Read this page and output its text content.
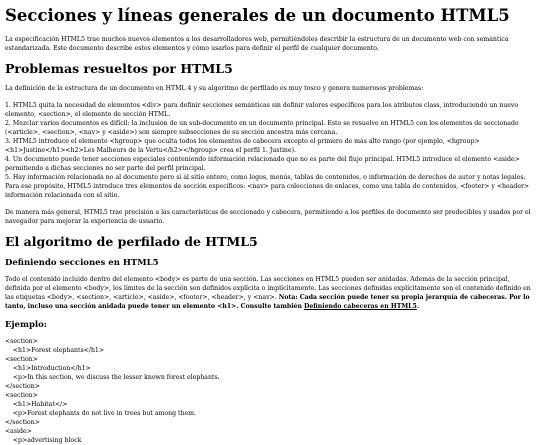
Secciones y líneas generales de un documento HTML5

La especificación HTML5 trae muchos nuevos elementos a los desarrolladores web, permitiéndoles describir la estructura de un documento web con semántica estandarizada. Este documento describe estos elementos y cómo usarlos para definir el perfil de cualquier documento.

Problemas resueltos por HTML5

La definición de la estructura de un documento en HTML 4 y su algoritmo de perfilado es muy tosco y genera numerosos problemas:

1. HTML5 quita la necesidad de elementos <div> para definir secciones semánticas sin definir valores específicos para los atributos class, introduciendo un nuevo elemento, <section>, el elemento de sección HTML.
2. Mezclar varios documentos es difícil: la inclusión de un sub-documento en un documento principal. Esto se resuelve en HTML5 con los elementos de seccionado (<article>, <section>, <nav> y <aside>) son siempre subsecciones de su sección ancestra más cercana.
3. HTML5 introduce el elemento <hgroup> que oculta todos los elementos de cabecera excepto el primero de más alto rango (por ejemplo, <hgroup><h1>Justine</h1><h2>Les Malheurs de la Vertu</h2></hgroup> crea el perfil 1. Justine).
4. Un documento puede tener secciones especiales conteniendo información relacionado que no es parte del flujo principal. HTML5 introduce el elemento <aside> permitiendo a dichas secciones no ser parte del perfil principal.
5. Hay información relacionada no al documento pero sí al sitio entero, como logos, menús, tablas de contenidos, o información de derechos de autor y notas legales. Para ese propósito, HTML5 introduce tres elementos de sección específicos: <nav> para colecciones de enlaces, como una tabla de contenidos, <footer> y <header> información relacionada con el sitio.

De manera más general, HTML5 trae precisión a las características de seccionado y cabecera, permitiendo a los perfiles de documento ser predecibles y usados por el navegador para mejorar la experiencia de usuario.

El algoritmo de perfilado de HTML5
Definiendo secciones en HTML5

Todo el contenido incluido dentro del elemento <body> es parte de una sección. Las secciones en HTML5 pueden ser anidadas. Además de la sección principal, definida por el elemento <body>, los límites de la sección son definidos explícita o implícitamente. Las secciones definidas explícitamente son el contenido definido en las etiquetas <body>, <section>, <article>, <aside>, <footer>, <header>, y <nav>. Nota: Cada sección puede tener su propia jerarquía de cabeceras. Por lo tanto, incluso una sección anidada puede tener un elemento <h1>. Consulte también Definiendo cabeceras en HTML5.

Ejemplo:
<section>
<h1>Forest elephants</h1>
<section>
<h1>Introduction</h1>
<p>In this section, we discuss the lesser known forest elephants.
</section>
<section>
<h1>Habitat</>
<p>Forest elephants do not live in trees but among them.
</section>
<aside>
<p>advertising block
